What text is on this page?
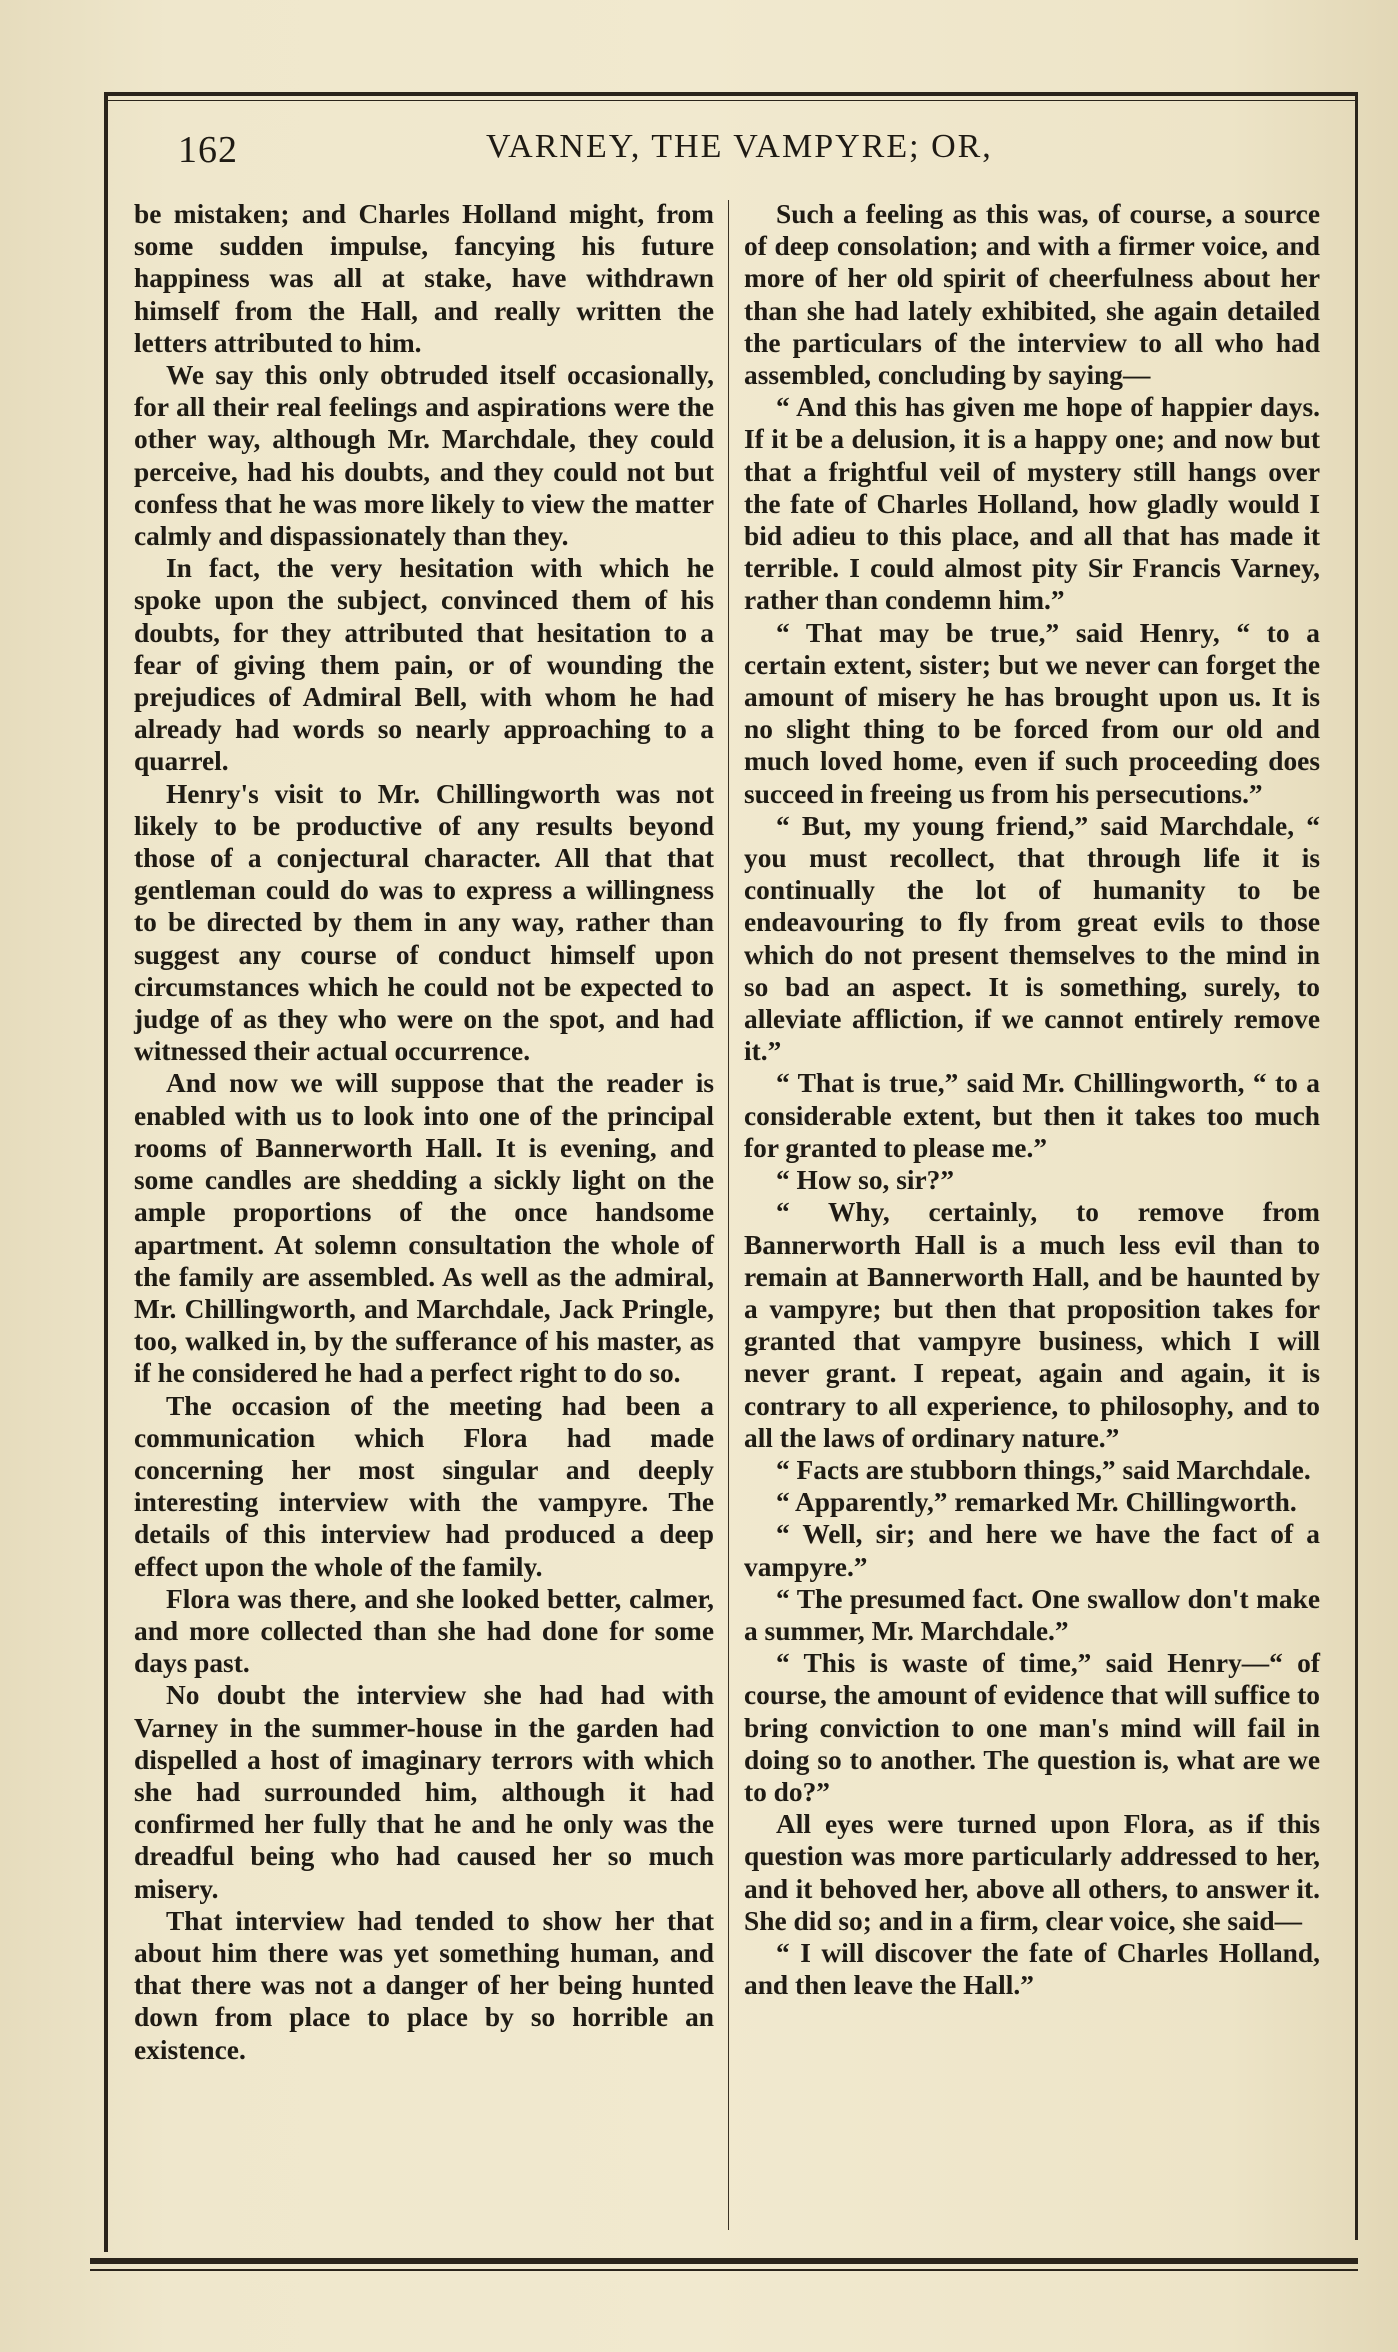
162	VARNEY, THE VAMPYRE; OR,

be mistaken; and Charles Holland might, from some sudden impulse, fancying his future happiness was all at stake, have withdrawn himself from the Hall, and really written the letters attributed to him.

We say this only obtruded itself occasionally, for all their real feelings and aspirations were the other way, although Mr. Marchdale, they could perceive, had his doubts, and they could not but confess that he was more likely to view the matter calmly and dispassionately than they.

In fact, the very hesitation with which he spoke upon the subject, convinced them of his doubts, for they attributed that hesitation to a fear of giving them pain, or of wounding the prejudices of Admiral Bell, with whom he had already had words so nearly approaching to a quarrel.

Henry's visit to Mr. Chillingworth was not likely to be productive of any results beyond those of a conjectural character. All that that gentleman could do was to express a willingness to be directed by them in any way, rather than suggest any course of conduct himself upon circumstances which he could not be expected to judge of as they who were on the spot, and had witnessed their actual occurrence.

And now we will suppose that the reader is enabled with us to look into one of the principal rooms of Bannerworth Hall. It is evening, and some candles are shedding a sickly light on the ample proportions of the once handsome apartment. At solemn consultation the whole of the family are assembled. As well as the admiral, Mr. Chillingworth, and Marchdale, Jack Pringle, too, walked in, by the sufferance of his master, as if he considered he had a perfect right to do so.

The occasion of the meeting had been a communication which Flora had made concerning her most singular and deeply interesting interview with the vampyre. The details of this interview had produced a deep effect upon the whole of the family.

Flora was there, and she looked better, calmer, and more collected than she had done for some days past.

No doubt the interview she had had with Varney in the summer-house in the garden had dispelled a host of imaginary terrors with which she had surrounded him, although it had confirmed her fully that he and he only was the dreadful being who had caused her so much misery.

That interview had tended to show her that about him there was yet something human, and that there was not a danger of her being hunted down from place to place by so horrible an existence.

Such a feeling as this was, of course, a source of deep consolation; and with a firmer voice, and more of her old spirit of cheerfulness about her than she had lately exhibited, she again detailed the particulars of the interview to all who had assembled, concluding by saying—

“ And this has given me hope of happier days. If it be a delusion, it is a happy one; and now but that a frightful veil of mystery still hangs over the fate of Charles Holland, how gladly would I bid adieu to this place, and all that has made it terrible. I could almost pity Sir Francis Varney, rather than condemn him.”

“ That may be true,” said Henry, “ to a certain extent, sister; but we never can forget the amount of misery he has brought upon us. It is no slight thing to be forced from our old and much loved home, even if such proceeding does succeed in freeing us from his persecutions.”

“ But, my young friend,” said Marchdale, “ you must recollect, that through life it is continually the lot of humanity to be endeavouring to fly from great evils to those which do not present themselves to the mind in so bad an aspect. It is something, surely, to alleviate affliction, if we cannot entirely remove it.”

“ That is true,” said Mr. Chillingworth, “ to a considerable extent, but then it takes too much for granted to please me.”

“ How so, sir?”

“ Why, certainly, to remove from Bannerworth Hall is a much less evil than to remain at Bannerworth Hall, and be haunted by a vampyre; but then that proposition takes for granted that vampyre business, which I will never grant. I repeat, again and again, it is contrary to all experience, to philosophy, and to all the laws of ordinary nature.”

“ Facts are stubborn things,” said Marchdale.

“ Apparently,” remarked Mr. Chillingworth.

“ Well, sir; and here we have the fact of a vampyre.”

“ The presumed fact. One swallow don't make a summer, Mr. Marchdale.”

“ This is waste of time,” said Henry—“ of course, the amount of evidence that will suffice to bring conviction to one man's mind will fail in doing so to another. The question is, what are we to do?”

All eyes were turned upon Flora, as if this question was more particularly addressed to her, and it behoved her, above all others, to answer it. She did so; and in a firm, clear voice, she said—

“ I will discover the fate of Charles Holland, and then leave the Hall.”
